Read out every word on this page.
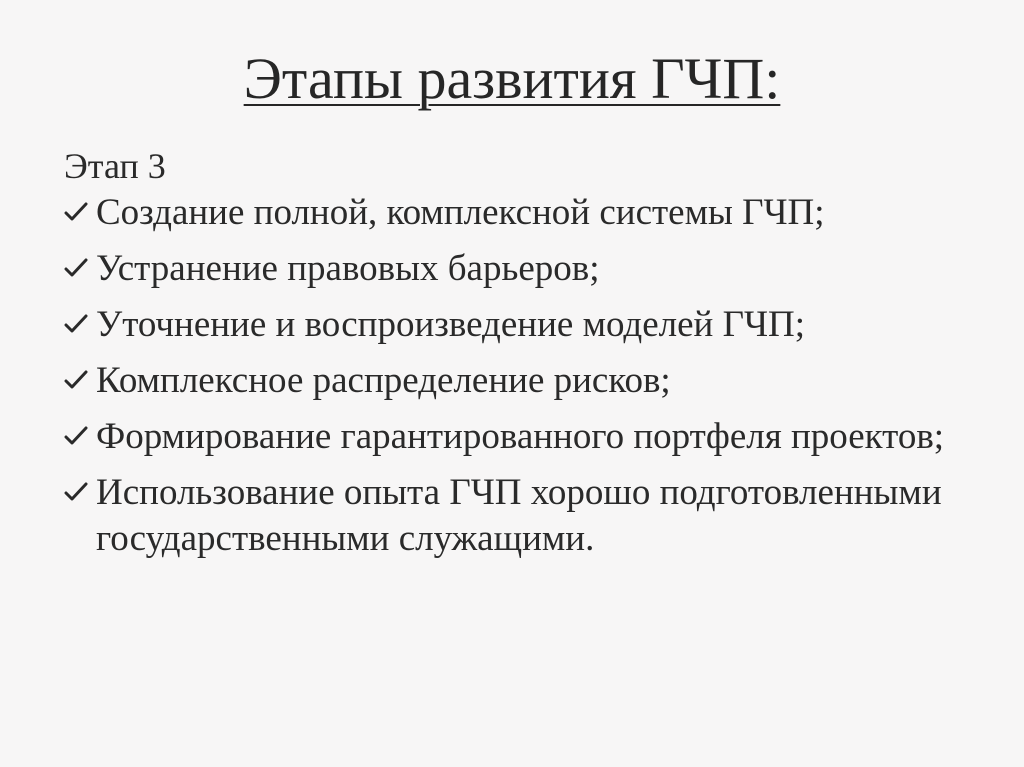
Этапы развития ГЧП:
Этап 3
Создание полной, комплексной системы ГЧП;
Устранение правовых барьеров;
Уточнение и воспроизведение моделей ГЧП;
Комплексное распределение рисков;
Формирование гарантированного портфеля проектов;
Использование опыта ГЧП хорошо подготовленными государственными служащими.
